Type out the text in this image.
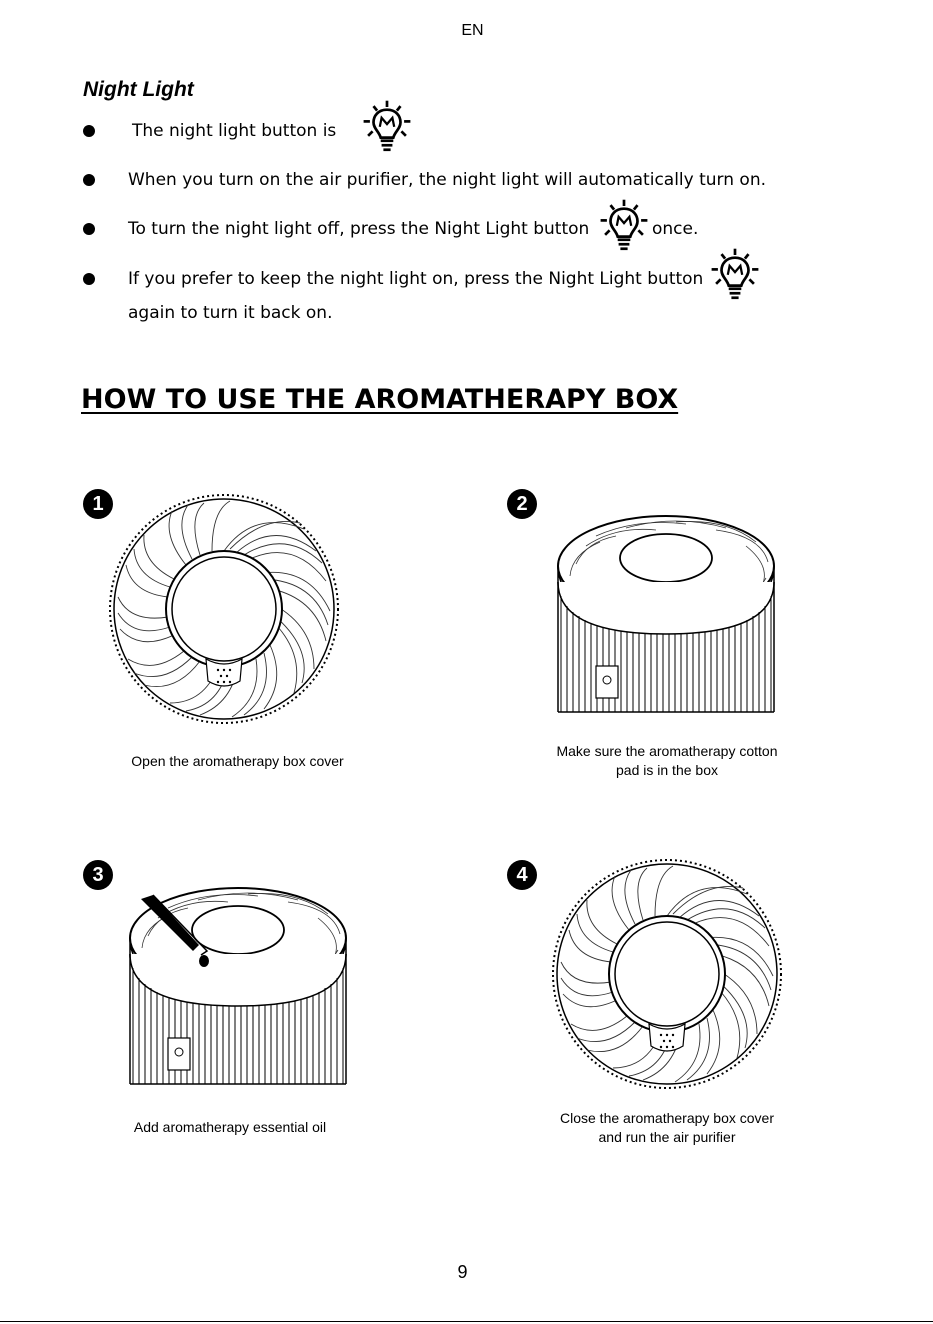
EN
Night Light
The night light button is
When you turn on the air purifier, the night light will automatically turn on.
To turn the night light off, press the Night Light button	once.
If you prefer to keep the night light on, press the Night Light button
again to turn it back on.
HOW TO USE THE AROMATHERAPY BOX
1
Open the aromatherapy box cover
2
Make sure the aromatherapy cotton
pad is in the box
3
Add aromatherapy essential oil
4
Close the aromatherapy box cover
and run the air purifier
9
